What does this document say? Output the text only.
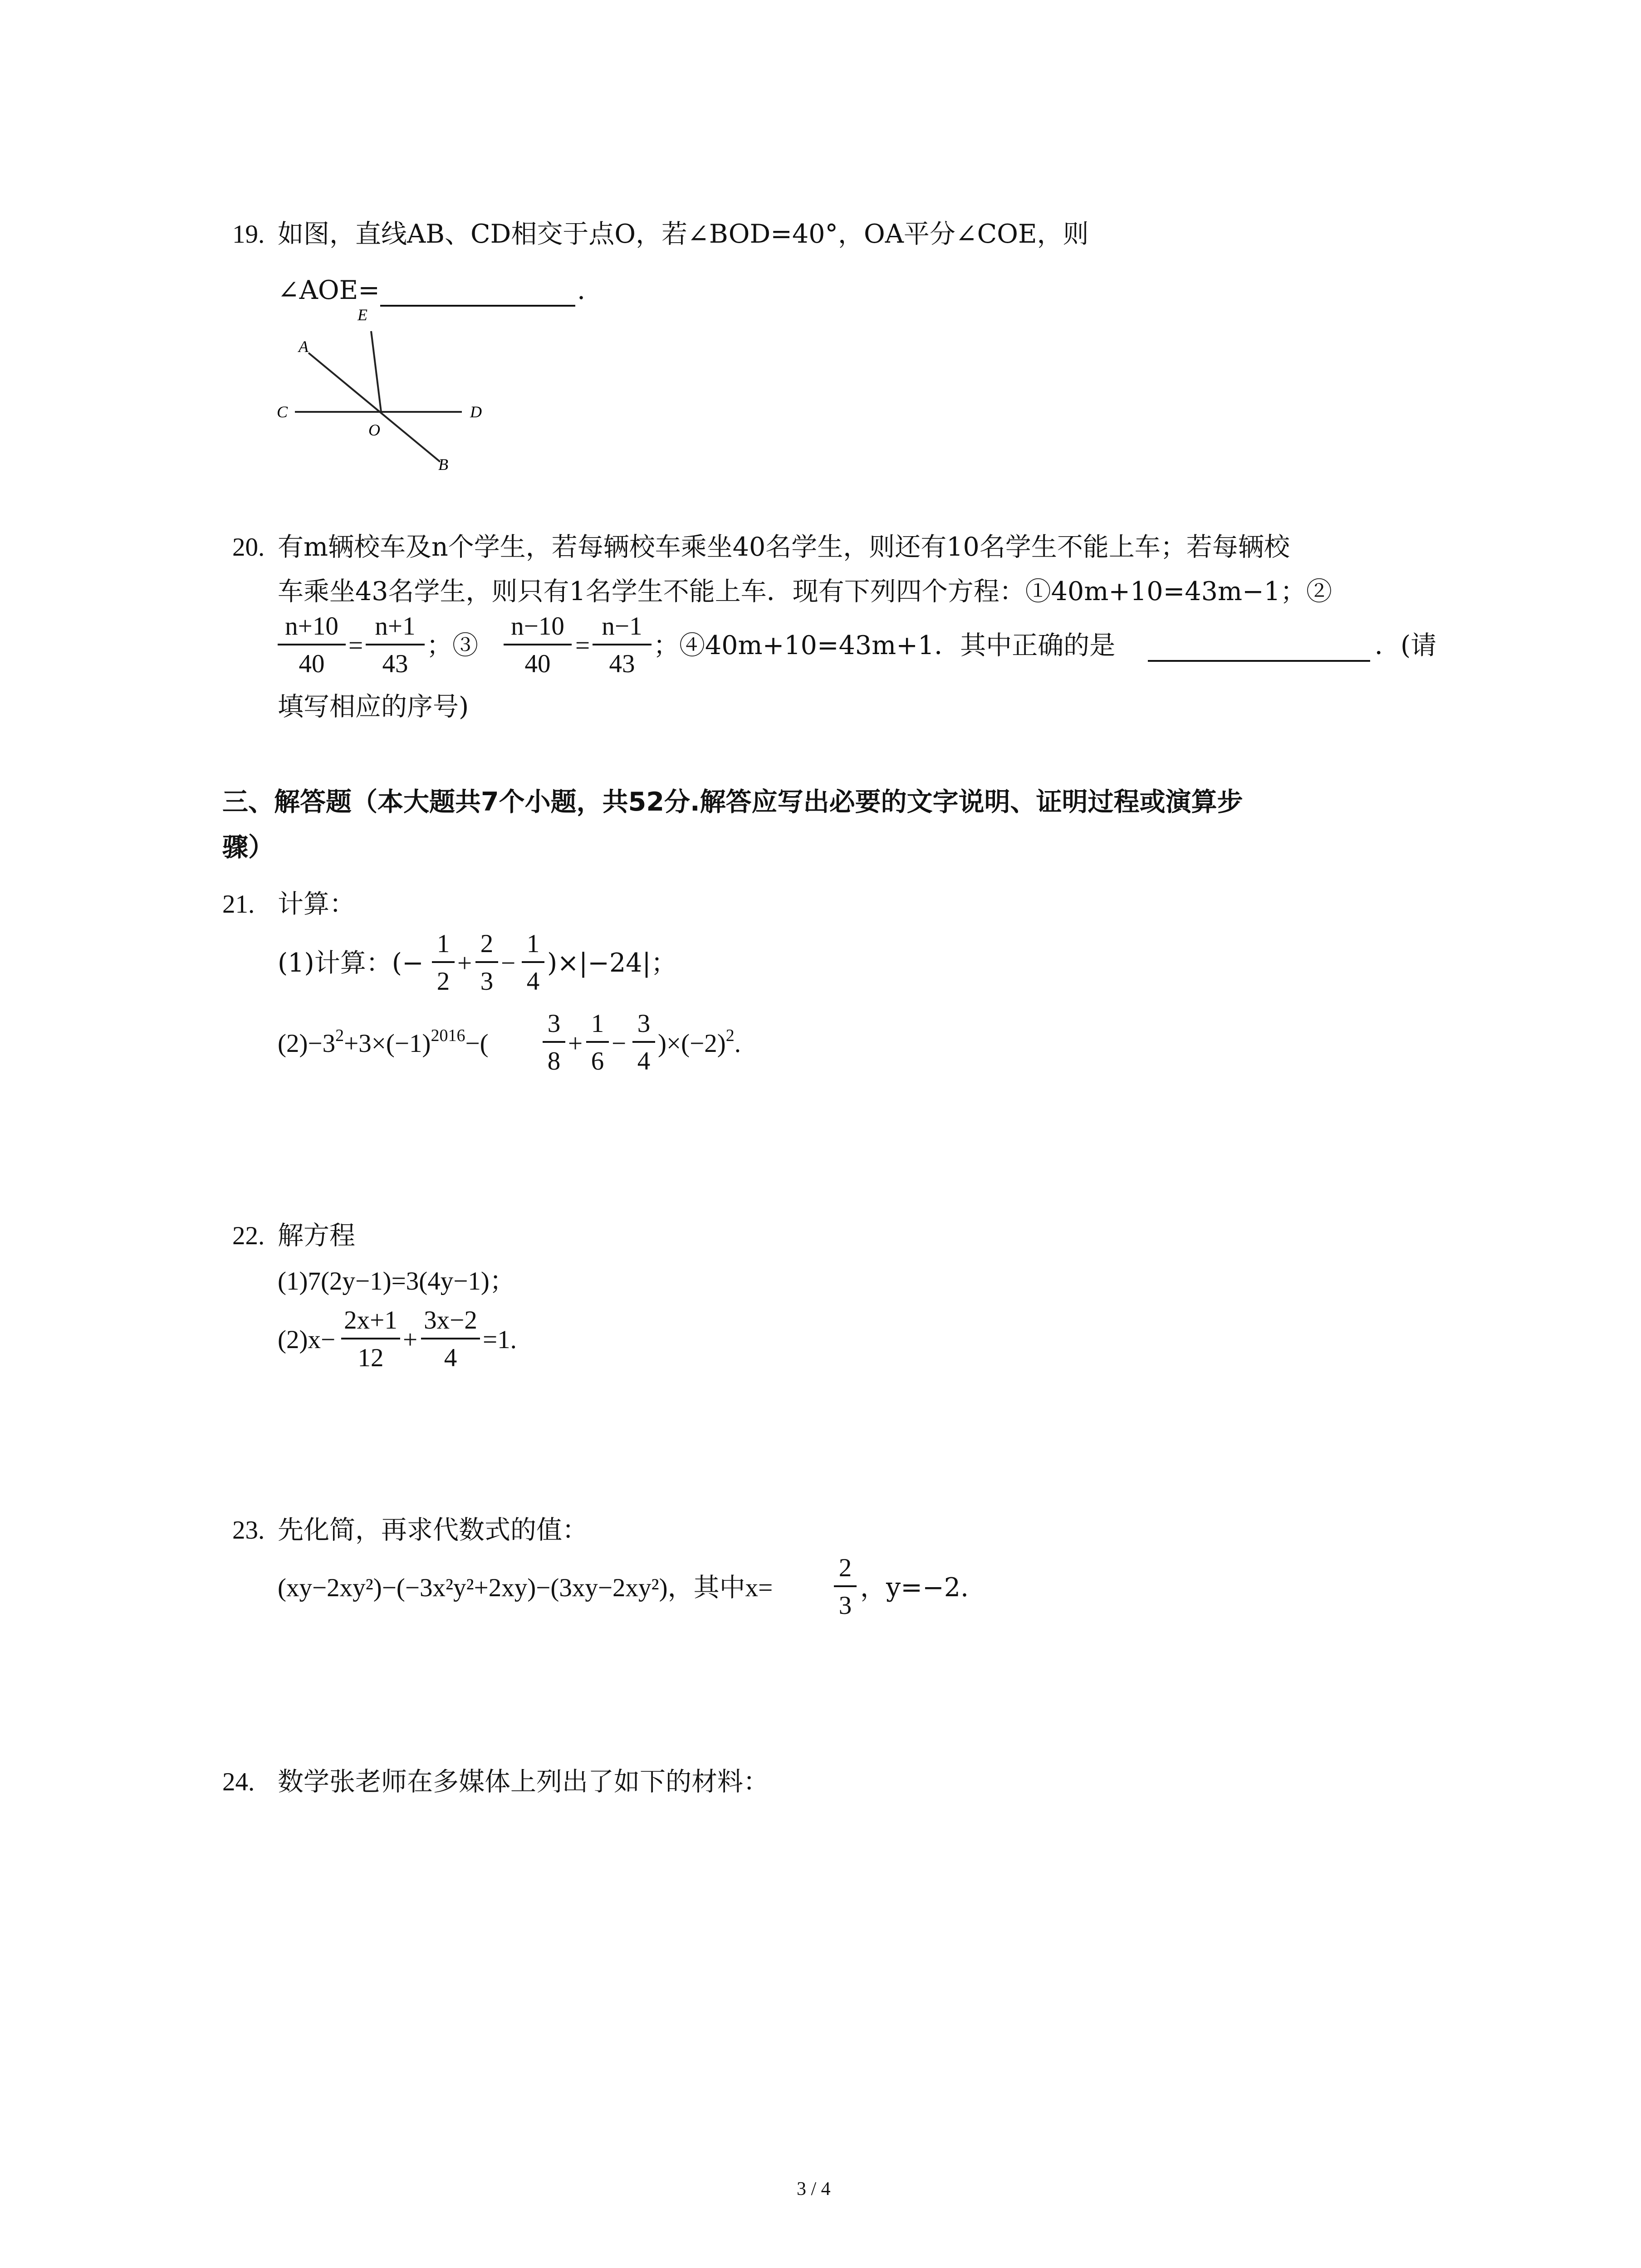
19. 如图，直线AB、CD相交于点O，若∠BOD=40°，OA平分∠COE，则
∠AOE=	.
E
A
C
O
D
B
20. 有m辆校车及n个学生，若每辆校车乘坐40名学生，则还有10名学生不能上车；若每辆校
车乘坐43名学生，则只有1名学生不能上车．现有下列四个方程：①40m+10=43m−1；②
n+10
40
=
n+1
43
；③
n−10
40
=
n−1
43
；④40m+10=43m+1．其中正确的是	．(请
填写相应的序号)
三、解答题（本大题共7个小题，共52分.解答应写出必要的文字说明、证明过程或演算步
骤）
21. 计算：
(1)计算：(−
1
2
+
2
3
−
1
4
)×|−24|；
$(2)-3^2+3\times(-1)^{2016}-$(
3
8
+
1
6
−
3
4
)$\times(-2)^2$.
22. 解方程
(1)7(2y−1)=3(4y−1)；
(2)x−
2x+1
12
+
3x−2
4
=1.
23. 先化简，再求代数式的值：
(xy−2xy²)−(−3x²y²+2xy)−(3xy−2xy²)，其中x=
2
3
，y=−2.
24. 数学张老师在多媒体上列出了如下的材料：
3 / 4
